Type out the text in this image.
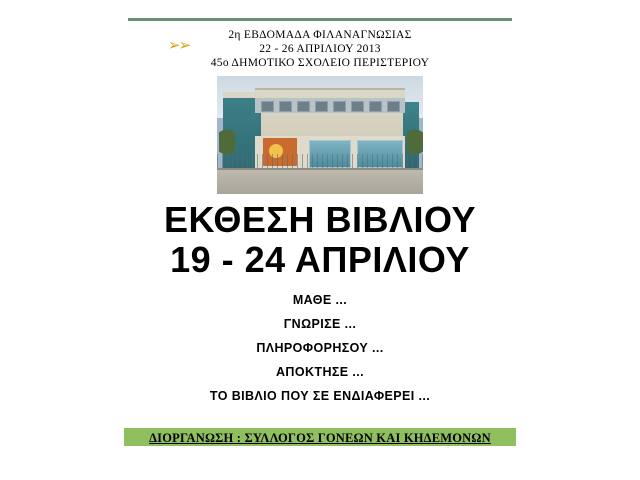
➢➢
2η ΕΒΔΟΜΑΔΑ ΦΙΛΑΝΑΓΝΩΣΙΑΣ
22 - 26 ΑΠΡΙΛΙΟΥ 2013
45ο ΔΗΜΟΤΙΚΟ ΣΧΟΛΕΙΟ ΠΕΡΙΣΤΕΡΙΟΥ
ΕΚΘΕΣΗ ΒΙΒΛΙΟΥ
19 - 24 ΑΠΡΙΛΙΟΥ
ΜΑΘΕ ...
ΓΝΩΡΙΣΕ ...
ΠΛΗΡΟΦΟΡΗΣΟΥ ...
ΑΠΟΚΤΗΣΕ ...
ΤΟ ΒΙΒΛΙΟ ΠΟΥ ΣΕ ΕΝΔΙΑΦΕΡΕΙ ...
ΔΙΟΡΓΑΝΩΣΗ : ΣΥΛΛΟΓΟΣ ΓΟΝΕΩΝ ΚΑΙ ΚΗΔΕΜΟΝΩΝ
